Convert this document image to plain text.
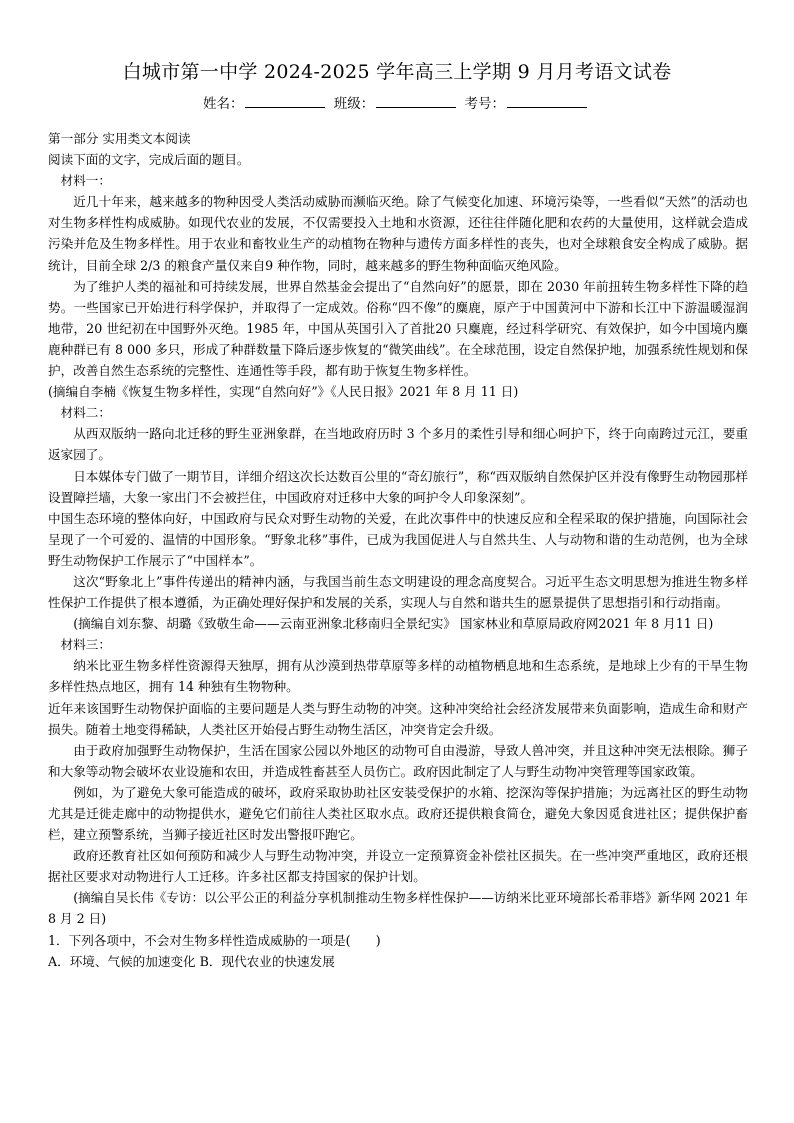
白城市第一中学 2024-2025 学年高三上学期 9 月月考语文试卷
姓名：	班级：	考号：

第一部分 实用类文本阅读

阅读下面的文字，完成后面的题目。

材料一：

近几十年来，越来越多的物种因受人类活动威胁而濒临灭绝。除了气候变化加速、环境污染等，一些看似“天然”的活动也对生物多样性构成威胁。如现代农业的发展，不仅需要投入土地和水资源，还往往伴随化肥和农药的大量使用，这样就会造成污染并危及生物多样性。用于农业和畜牧业生产的动植物在物种与遗传方面多样性的丧失，也对全球粮食安全构成了威胁。据统计，目前全球 2/3 的粮食产量仅来自9 种作物，同时，越来越多的野生物种面临灭绝风险。

为了维护人类的福祉和可持续发展，世界自然基金会提出了“自然向好”的愿景，即在 2030 年前扭转生物多样性下降的趋势。一些国家已开始进行科学保护，并取得了一定成效。俗称“四不像”的麋鹿，原产于中国黄河中下游和长江中下游温暖湿润地带，20 世纪初在中国野外灭绝。1985 年，中国从英国引入了首批20 只麋鹿，经过科学研究、有效保护，如今中国境内麋鹿种群已有 8 000 多只，形成了种群数量下降后逐步恢复的“微笑曲线”。在全球范围，设定自然保护地，加强系统性规划和保护，改善自然生态系统的完整性、连通性等手段，都有助于恢复生物多样性。

(摘编自李楠《恢复生物多样性，实现“自然向好”》《人民日报》2021 年 8 月 11 日)

材料二：

从西双版纳一路向北迁移的野生亚洲象群，在当地政府历时 3 个多月的柔性引导和细心呵护下，终于向南跨过元江，要重返家园了。

日本媒体专门做了一期节目，详细介绍这次长达数百公里的“奇幻旅行”，称“西双版纳自然保护区并没有像野生动物园那样设置障拦墙，大象一家出门不会被拦住，中国政府对迁移中大象的呵护令人印象深刻”。

中国生态环境的整体向好，中国政府与民众对野生动物的关爱，在此次事件中的快速反应和全程采取的保护措施，向国际社会呈现了一个可爱的、温情的中国形象。“野象北移”事件，已成为我国促进人与自然共生、人与动物和谐的生动范例，也为全球野生动物保护工作展示了“中国样本”。

这次“野象北上”事件传递出的精神内涵，与我国当前生态文明建设的理念高度契合。习近平生态文明思想为推进生物多样性保护工作提供了根本遵循，为正确处理好保护和发展的关系，实现人与自然和谐共生的愿景提供了思想指引和行动指南。

(摘编自刘东黎、胡璐《致敬生命——云南亚洲象北移南归全景纪实》 国家林业和草原局政府网2021 年 8 月11 日)

材料三：

纳米比亚生物多样性资源得天独厚，拥有从沙漠到热带草原等多样的动植物栖息地和生态系统，是地球上少有的干旱生物多样性热点地区，拥有 14 种独有生物物种。

近年来该国野生动物保护面临的主要问题是人类与野生动物的冲突。这种冲突给社会经济发展带来负面影响，造成生命和财产损失。随着土地变得稀缺，人类社区开始侵占野生动物生活区，冲突肯定会升级。

由于政府加强野生动物保护，生活在国家公园以外地区的动物可自由漫游，导致人兽冲突，并且这种冲突无法根除。狮子和大象等动物会破坏农业设施和农田，并造成牲畜甚至人员伤亡。政府因此制定了人与野生动物冲突管理等国家政策。

例如，为了避免大象可能造成的破坏，政府采取协助社区安装受保护的水箱、挖深沟等保护措施；为远离社区的野生动物尤其是迁徙走廊中的动物提供水，避免它们前往人类社区取水点。政府还提供粮食简仓，避免大象因觅食进社区；提供保护畜栏，建立预警系统，当狮子接近社区时发出警报吓跑它。

政府还教育社区如何预防和减少人与野生动物冲突，并设立一定预算资金补偿社区损失。在一些冲突严重地区，政府还根据社区要求对动物进行人工迁移。许多社区都支持国家的保护计划。

(摘编自吴长伟《专访：以公平公正的利益分享机制推动生物多样性保护——访纳米比亚环境部长希菲塔》新华网 2021 年 8 月 2 日)

1．下列各项中，不会对生物多样性造成威胁的一项是(　　)

A．环境、气候的加速变化 B．现代农业的快速发展
